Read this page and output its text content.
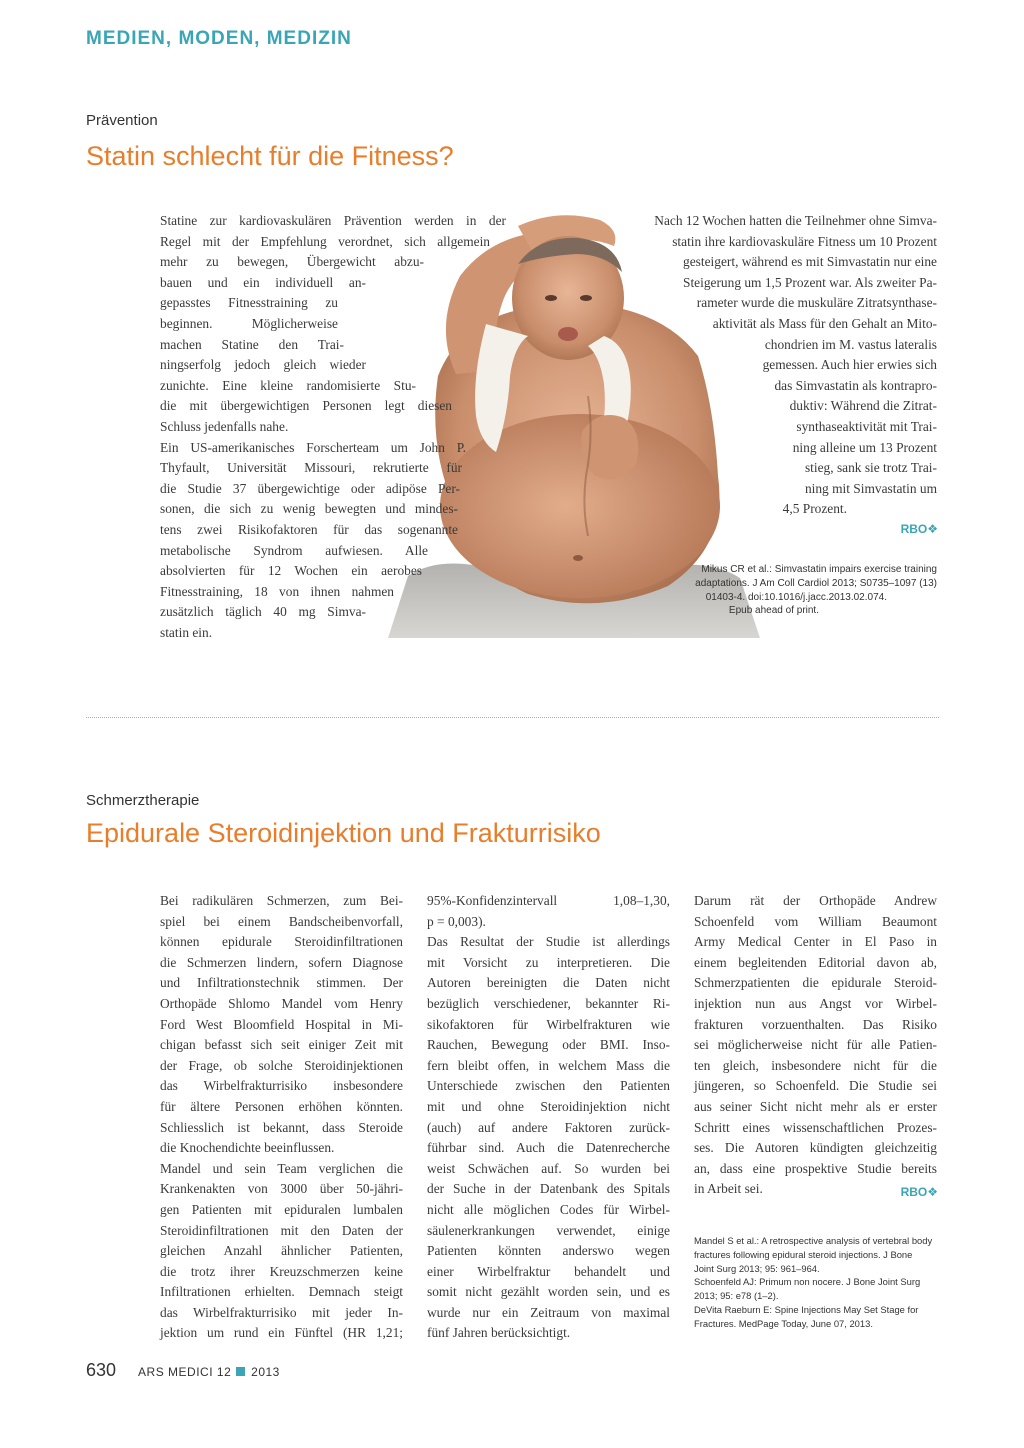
MEDIEN, MODEN, MEDIZIN
Prävention
Statin schlecht für die Fitness?

Statine zur kardiovaskulären Prävention werden in der

Regel mit der Empfehlung verordnet, sich allgemein

mehr zu bewegen, Übergewicht abzu-

bauen und ein individuell an-

gepasstes Fitnesstraining zu

beginnen. Möglicherweise

machen Statine den Trai-

ningserfolg jedoch gleich wieder

zunichte. Eine kleine randomisierte Stu-

die mit übergewichtigen Personen legt diesen

Schluss jedenfalls nahe.

Ein US-amerikanisches Forscherteam um John P.

Thyfault, Universität Missouri, rekrutierte für

die Studie 37 übergewichtige oder adipöse Per-

sonen, die sich zu wenig bewegten und mindes-

tens zwei Risikofaktoren für das sogenannte

metabolische Syndrom aufwiesen. Alle

absolvierten für 12 Wochen ein aerobes

Fitnesstraining, 18 von ihnen nahmen

zusätzlich täglich 40 mg Simva-

statin ein.

Nach 12 Wochen hatten die Teilnehmer ohne Simva-

statin ihre kardiovaskuläre Fitness um 10 Prozent

gesteigert, während es mit Simvastatin nur eine

Steigerung um 1,5 Prozent war. Als zweiter Pa-

rameter wurde die muskuläre Zitratsynthase-

aktivität als Mass für den Gehalt an Mito-

chondrien im M. vastus lateralis

gemessen. Auch hier erwies sich

das Simvastatin als kontrapro-

duktiv: Während die Zitrat-

synthaseaktivität mit Trai-

ning alleine um 13 Prozent

stieg, sank sie trotz Trai-

ning mit Simvastatin um

4,5 Prozent.

RBO❖

Mikus CR et al.: Simvastatin impairs exercise training

adaptations. J Am Coll Cardiol 2013; S0735–1097 (13)

01403-4. doi:10.1016/j.jacc.2013.02.074.

Epub ahead of print.

Schmerztherapie
Epidurale Steroidinjektion und Frakturrisiko

Bei radikulären Schmerzen, zum Bei-

spiel bei einem Bandscheibenvorfall,

können epidurale Steroidinfiltrationen

die Schmerzen lindern, sofern Diagnose

und Infiltrationstechnik stimmen. Der

Orthopäde Shlomo Mandel vom Henry

Ford West Bloomfield Hospital in Mi-

chigan befasst sich seit einiger Zeit mit

der Frage, ob solche Steroidinjektionen

das Wirbelfrakturrisiko insbesondere

für ältere Personen erhöhen könnten.

Schliesslich ist bekannt, dass Steroide

die Knochendichte beeinflussen.

Mandel und sein Team verglichen die

Krankenakten von 3000 über 50-jähri-

gen Patienten mit epiduralen lumbalen

Steroidinfiltrationen mit den Daten der

gleichen Anzahl ähnlicher Patienten,

die trotz ihrer Kreuzschmerzen keine

Infiltrationen erhielten. Demnach steigt

das Wirbelfrakturrisiko mit jeder In-

jektion um rund ein Fünftel (HR 1,21;

95%-Konfidenzintervall 1,08–1,30,

p = 0,003).

Das Resultat der Studie ist allerdings

mit Vorsicht zu interpretieren. Die

Autoren bereinigten die Daten nicht

bezüglich verschiedener, bekannter Ri-

sikofaktoren für Wirbelfrakturen wie

Rauchen, Bewegung oder BMI. Inso-

fern bleibt offen, in welchem Mass die

Unterschiede zwischen den Patienten

mit und ohne Steroidinjektion nicht

(auch) auf andere Faktoren zurück-

führbar sind. Auch die Datenrecherche

weist Schwächen auf. So wurden bei

der Suche in der Datenbank des Spitals

nicht alle möglichen Codes für Wirbel-

säulenerkrankungen verwendet, einige

Patienten könnten anderswo wegen

einer Wirbelfraktur behandelt und

somit nicht gezählt worden sein, und es

wurde nur ein Zeitraum von maximal

fünf Jahren berücksichtigt.

Darum rät der Orthopäde Andrew

Schoenfeld vom William Beaumont

Army Medical Center in El Paso in

einem begleitenden Editorial davon ab,

Schmerzpatienten die epidurale Steroid-

injektion nun aus Angst vor Wirbel-

frakturen vorzuenthalten. Das Risiko

sei möglicherweise nicht für alle Patien-

ten gleich, insbesondere nicht für die

jüngeren, so Schoenfeld. Die Studie sei

aus seiner Sicht nicht mehr als er erster

Schritt eines wissenschaftlichen Prozes-

ses. Die Autoren kündigten gleichzeitig

an, dass eine prospektive Studie bereits

in Arbeit sei.	RBO❖

Mandel S et al.: A retrospective analysis of vertebral body

fractures following epidural steroid injections. J Bone

Joint Surg 2013; 95: 961–964.

Schoenfeld AJ: Primum non nocere. J Bone Joint Surg

2013; 95: e78 (1–2).

DeVita Raeburn E: Spine Injections May Set Stage for

Fractures. MedPage Today, June 07, 2013.

630 ARS MEDICI 12 2013
